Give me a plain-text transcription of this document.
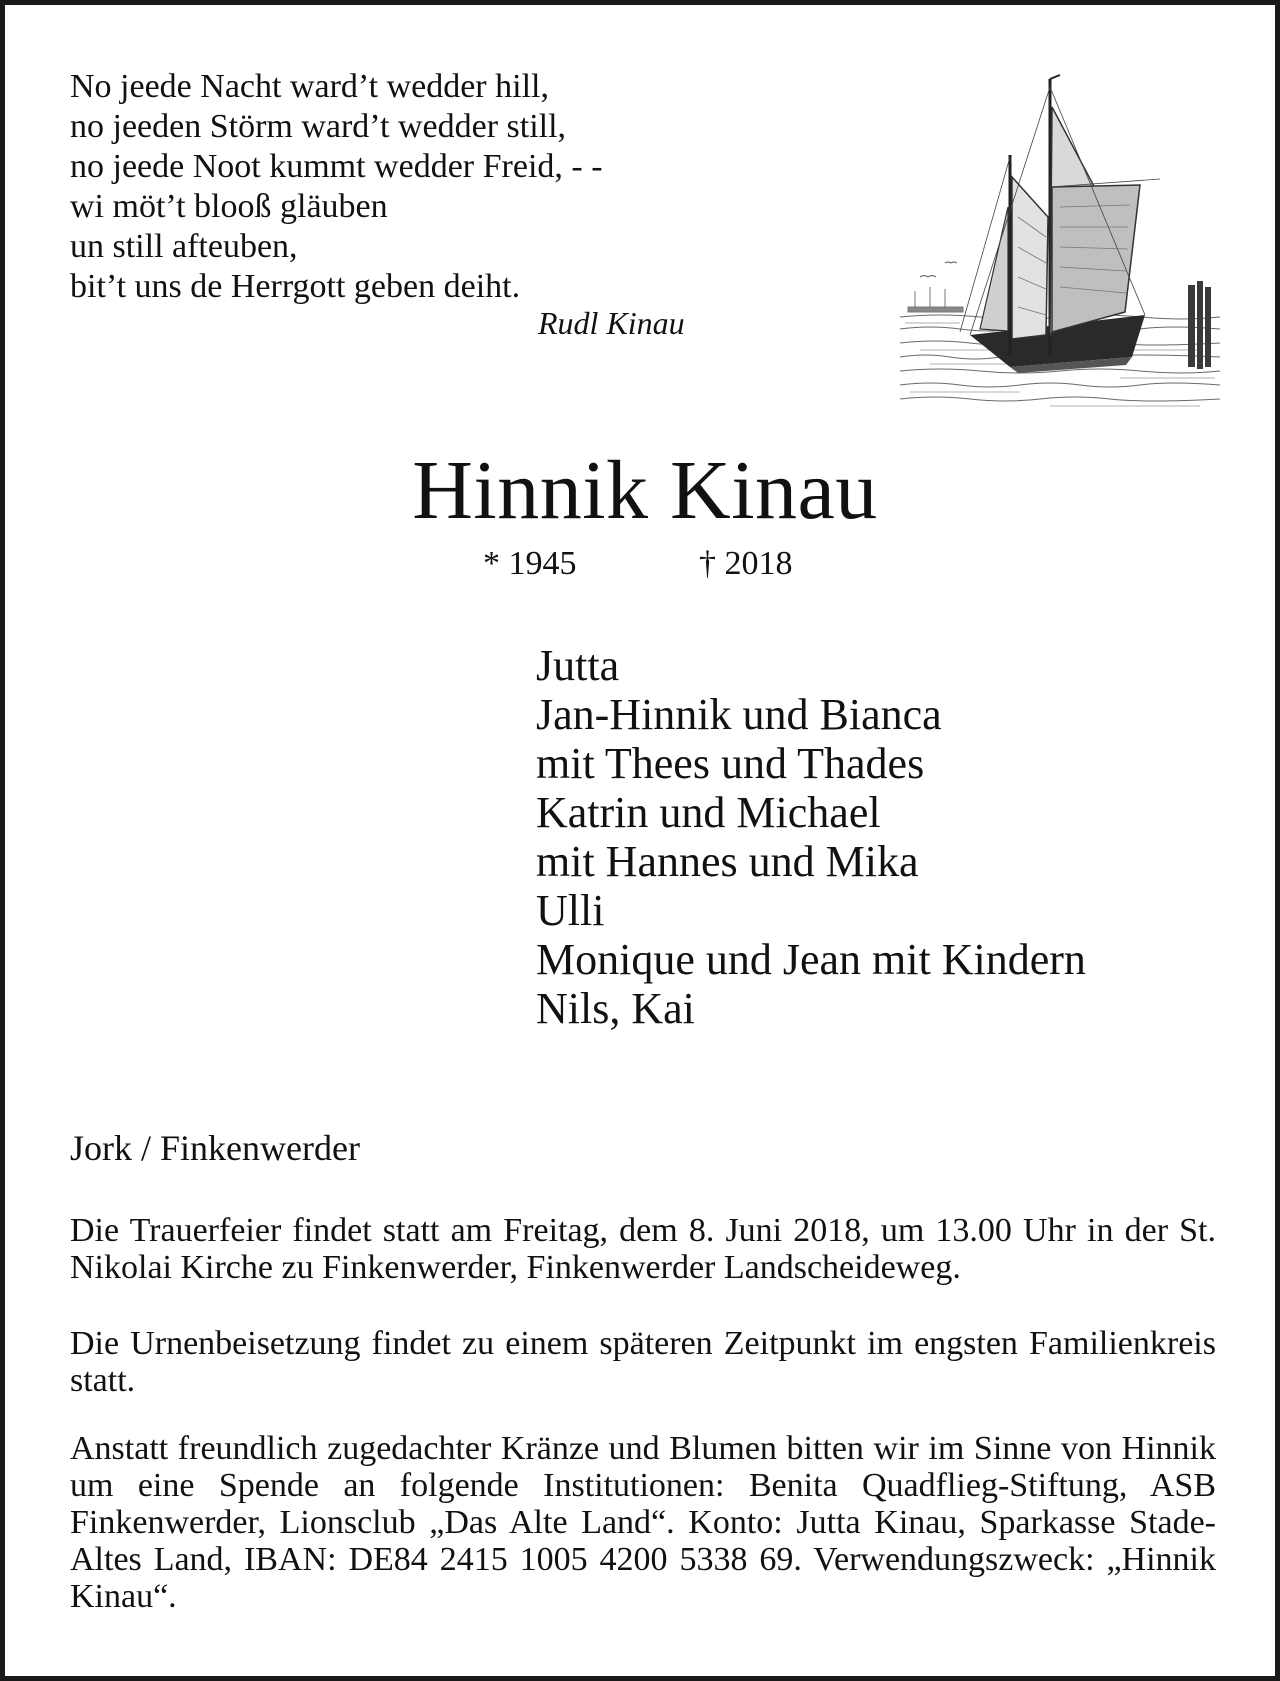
No jeede Nacht ward’t wedder hill,
no jeeden Störm ward’t wedder still,
no jeede Noot kummt wedder Freid, - -
wi möt’t blooß gläuben
un still afteuben,
bit’t uns de Herrgott geben deiht.
Rudl Kinau
Hinnik Kinau
* 1945	† 2018
Jutta
Jan-Hinnik und Bianca
mit Thees und Thades
Katrin und Michael
mit Hannes und Mika
Ulli
Monique und Jean mit Kindern
Nils, Kai
Jork / Finkenwerder

Die Trauerfeier findet statt am Freitag, dem 8. Juni 2018, um 13.00 Uhr in der St. Nikolai Kirche zu Finkenwerder, Finkenwerder Landscheideweg.

Die Urnenbeisetzung findet zu einem späteren Zeitpunkt im engsten Familienkreis statt.

Anstatt freundlich zugedachter Kränze und Blumen bitten wir im Sinne von Hinnik um eine Spende an folgende Institutionen: Benita Quadflieg-Stiftung, ASB Finkenwerder, Lionsclub „Das Alte Land“. Konto: Jutta Kinau, Sparkasse Stade-Altes Land, IBAN: DE84 2415 1005 4200 5338 69. Verwendungszweck: „Hinnik Kinau“.
